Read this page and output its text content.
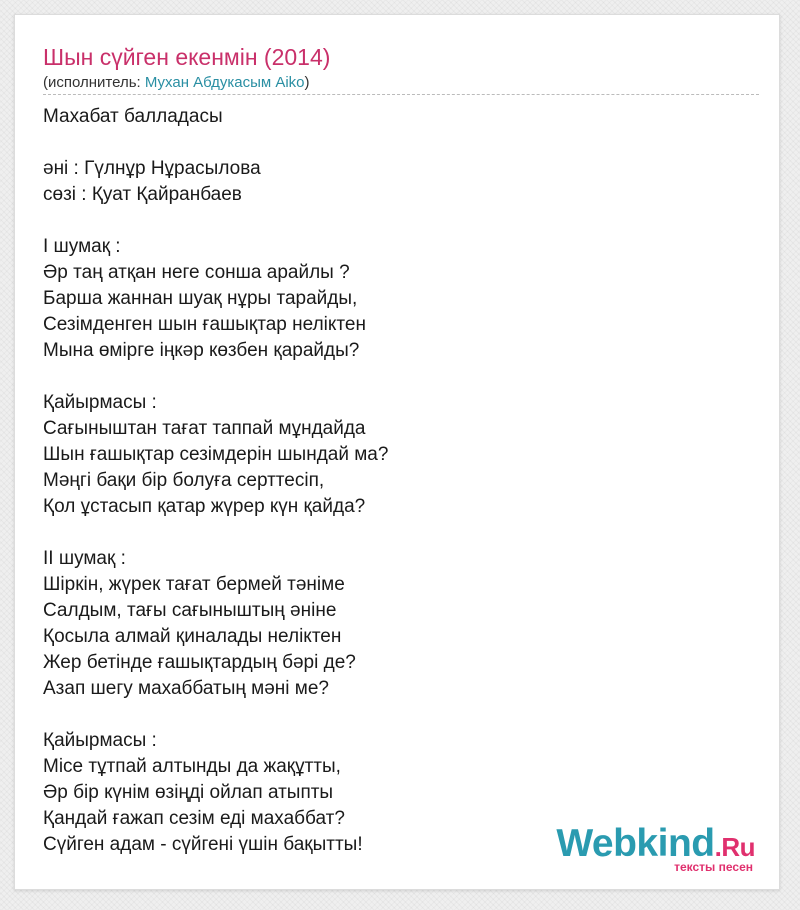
Шын сүйген екенмін (2014)
(исполнитель: Мухан Абдукасым Aiko)
Махабат балладасы
әні : Гүлнұр Нұрасылова
сөзі : Қуат Қайранбаев
I шумақ :
Әр таң атқан неге сонша арайлы ?
Барша жаннан шуақ нұры тарайды,
Сезімденген шын ғашықтар неліктен
Мына өмірге іңкәр көзбен қарайды?
Қайырмасы :
Сағыныштан тағат таппай мұндайда
Шын ғашықтар сезімдерін шындай ма?
Мәңгі бақи бір болуға серттесіп,
Қол ұстасып қатар жүрер күн қайда?
II шумақ :
Шіркін, жүрек тағат бермей тәніме
Салдым, тағы сағыныштың әніне
Қосыла алмай қиналады неліктен
Жер бетінде ғашықтардың бәрі де?
Азап шегу махаббатың мәні ме?
Қайырмасы :
Місе тұтпай алтынды да жақұтты,
Әр бір күнім өзіңді ойлап атыпты
Қандай ғажап сезім еді махаббат?
Сүйген адам - сүйгені үшін бақытты!	Webkind.Ru
тексты песен
